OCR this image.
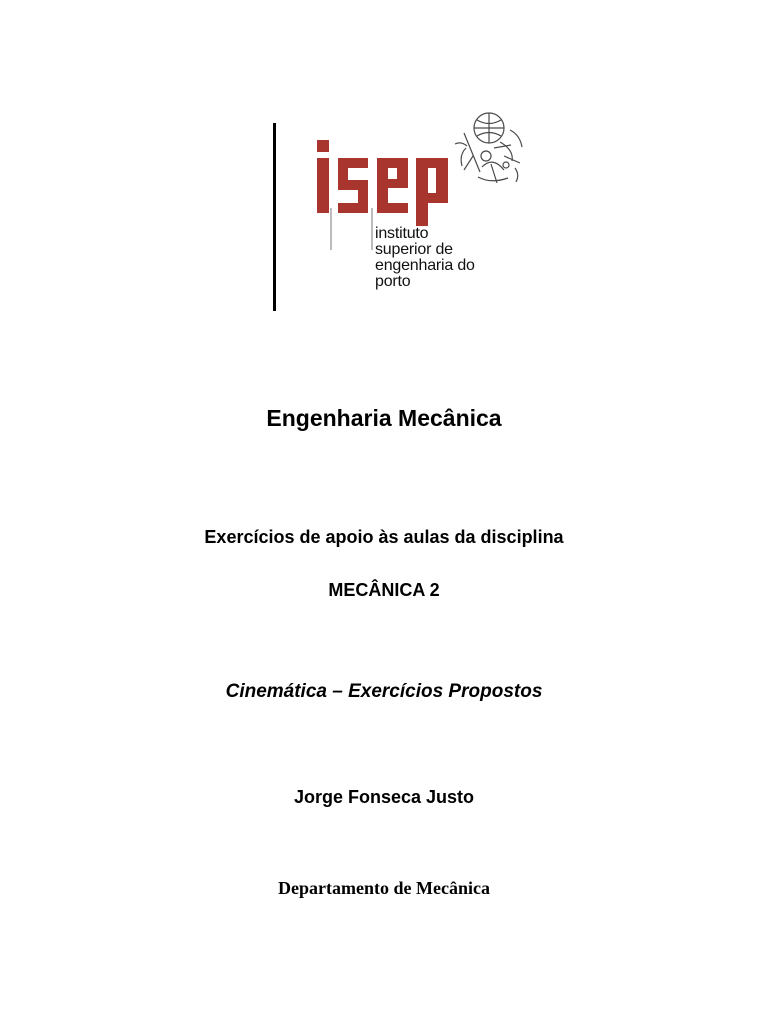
instituto
superior de
engenharia do
porto
Engenharia Mecânica
Exercícios de apoio às aulas da disciplina
MECÂNICA 2
Cinemática – Exercícios Propostos
Jorge Fonseca Justo
Departamento de Mecânica
